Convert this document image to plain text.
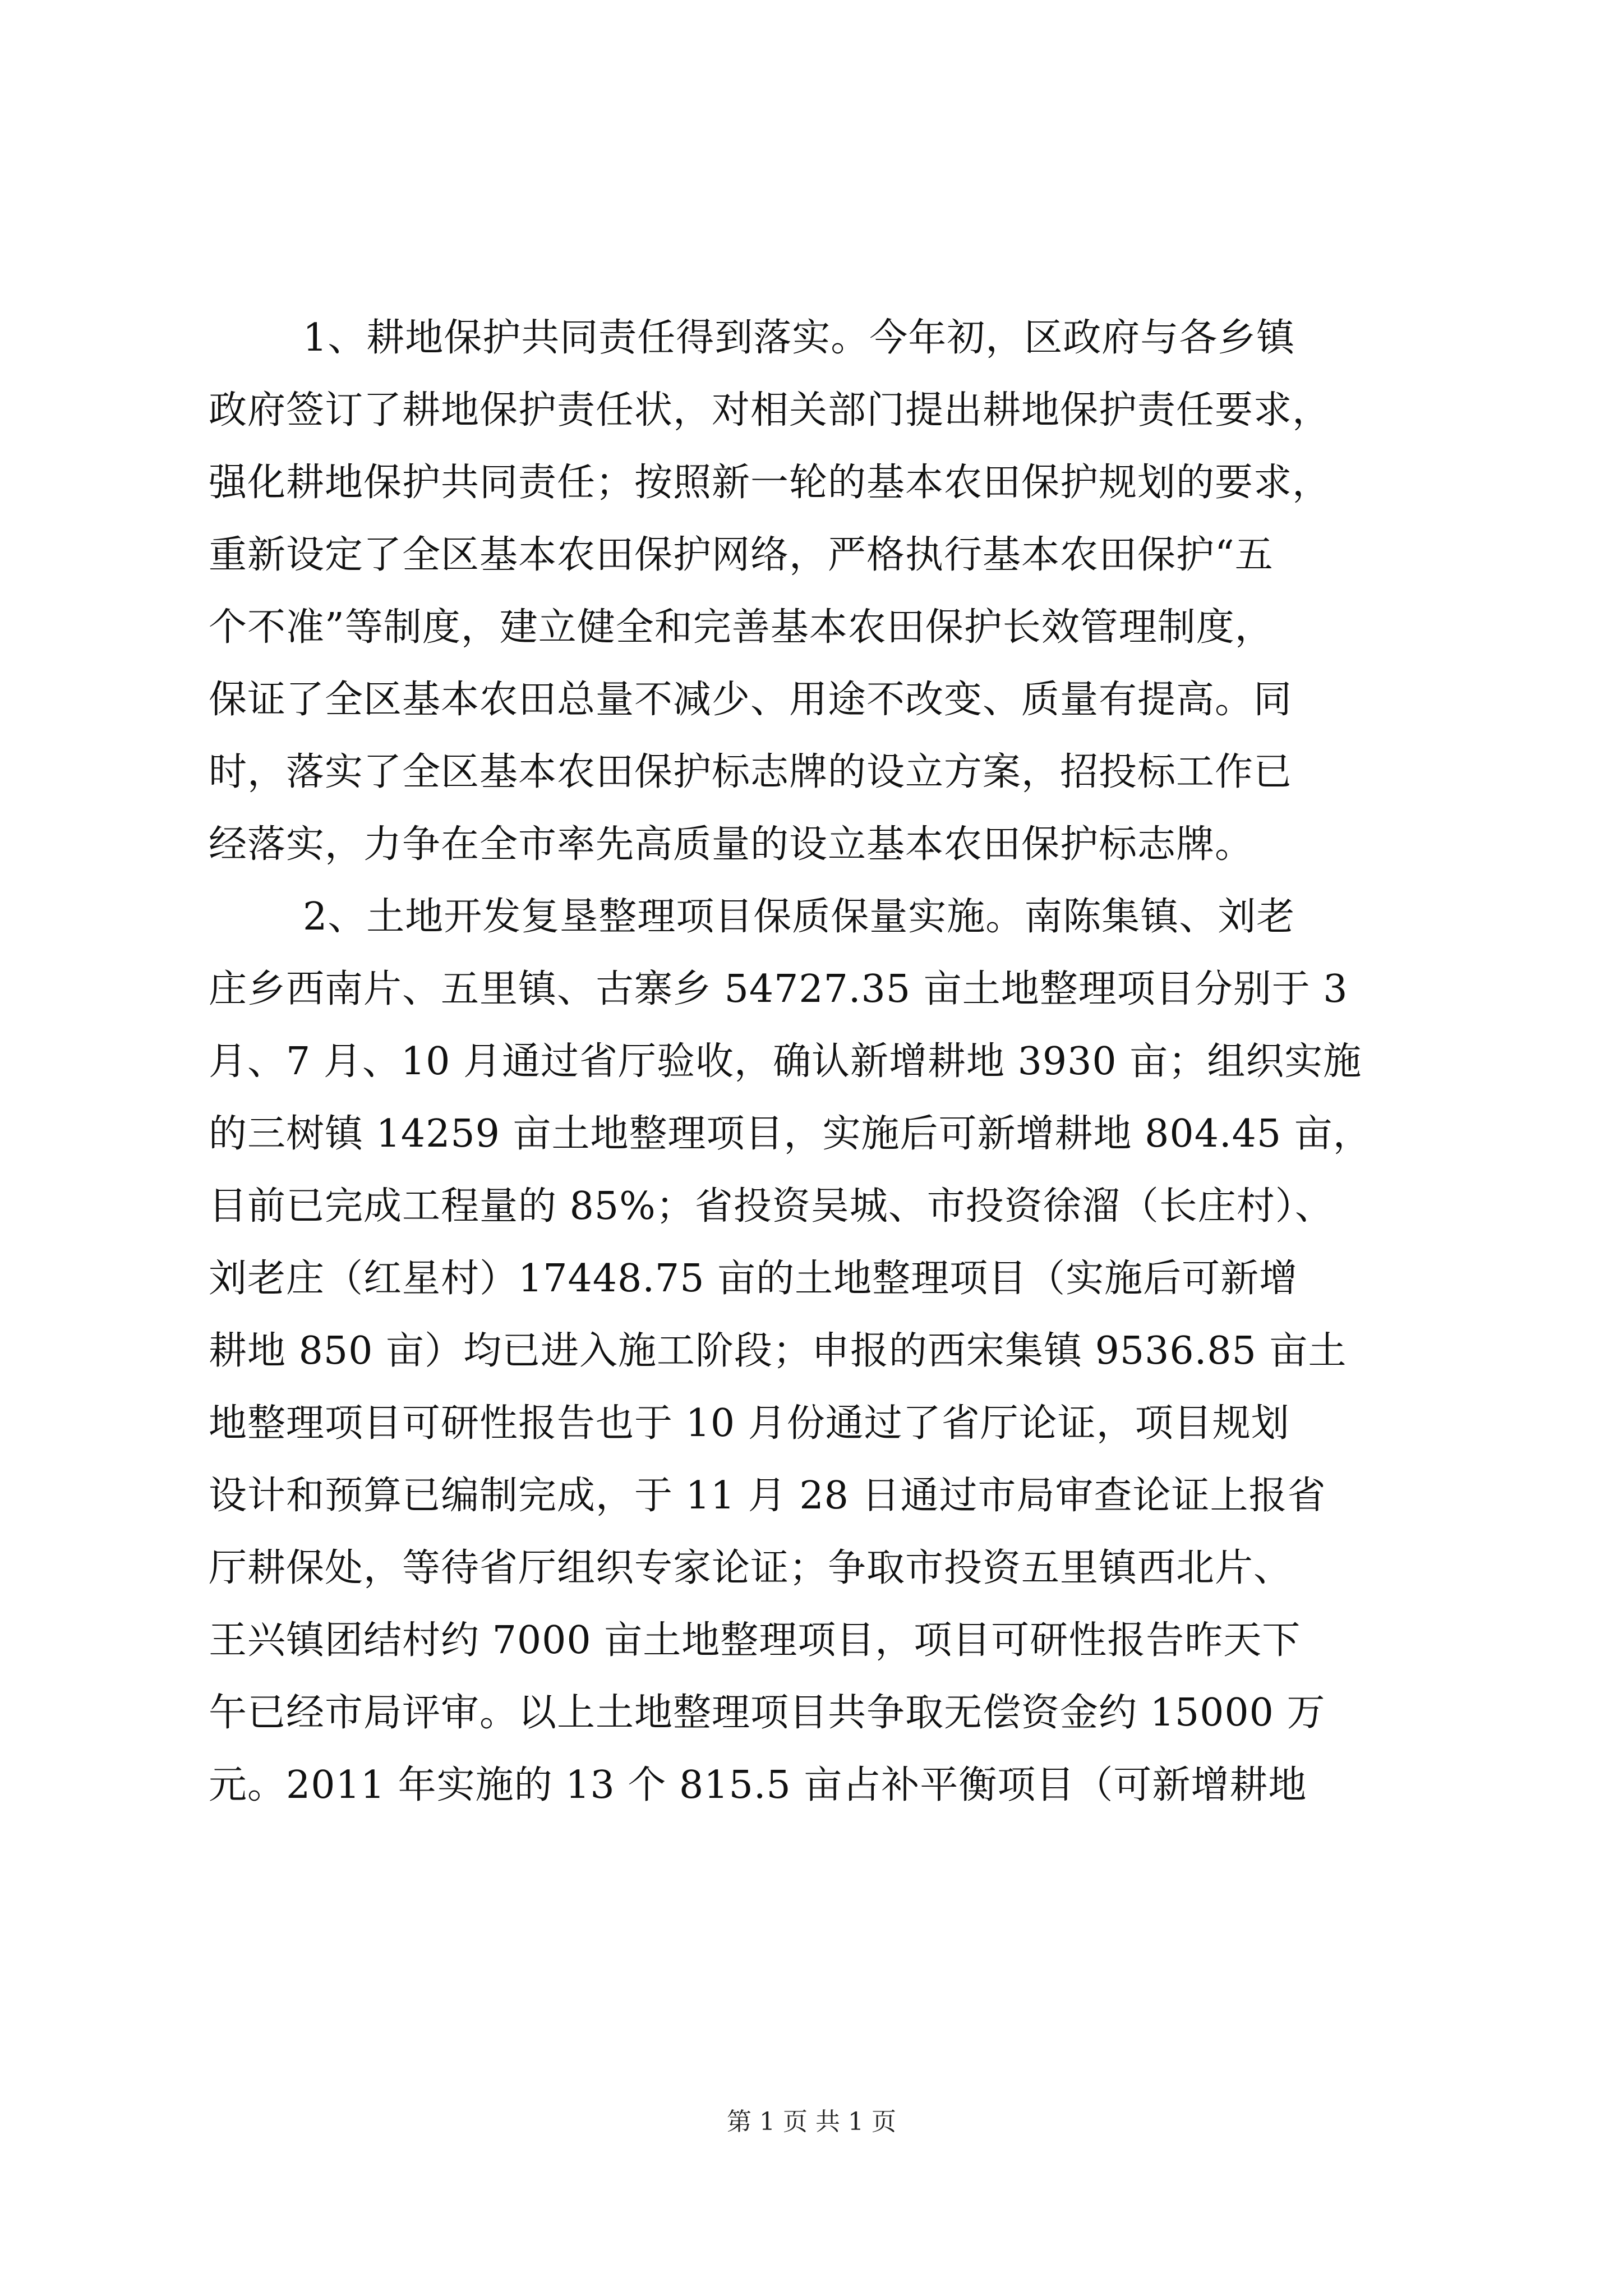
1、耕地保护共同责任得到落实。今年初，区政府与各乡镇
政府签订了耕地保护责任状，对相关部门提出耕地保护责任要求，
强化耕地保护共同责任；按照新一轮的基本农田保护规划的要求，
重新设定了全区基本农田保护网络，严格执行基本农田保护“五
个不准”等制度，建立健全和完善基本农田保护长效管理制度，
保证了全区基本农田总量不减少、用途不改变、质量有提高。同
时，落实了全区基本农田保护标志牌的设立方案，招投标工作已
经落实，力争在全市率先高质量的设立基本农田保护标志牌。
2、土地开发复垦整理项目保质保量实施。南陈集镇、刘老
庄乡西南片、五里镇、古寨乡 54727.35 亩土地整理项目分别于 3
月、7 月、10 月通过省厅验收，确认新增耕地 3930 亩；组织实施
的三树镇 14259 亩土地整理项目，实施后可新增耕地 804.45 亩，
目前已完成工程量的 85%；省投资吴城、市投资徐溜（长庄村）、
刘老庄（红星村）17448.75 亩的土地整理项目（实施后可新增
耕地 850 亩）均已进入施工阶段；申报的西宋集镇 9536.85 亩土
地整理项目可研性报告也于 10 月份通过了省厅论证，项目规划
设计和预算已编制完成，于 11 月 28 日通过市局审查论证上报省
厅耕保处，等待省厅组织专家论证；争取市投资五里镇西北片、
王兴镇团结村约 7000 亩土地整理项目，项目可研性报告昨天下
午已经市局评审。以上土地整理项目共争取无偿资金约 15000 万
元。2011 年实施的 13 个 815.5 亩占补平衡项目（可新增耕地
第 1 页 共 1 页
